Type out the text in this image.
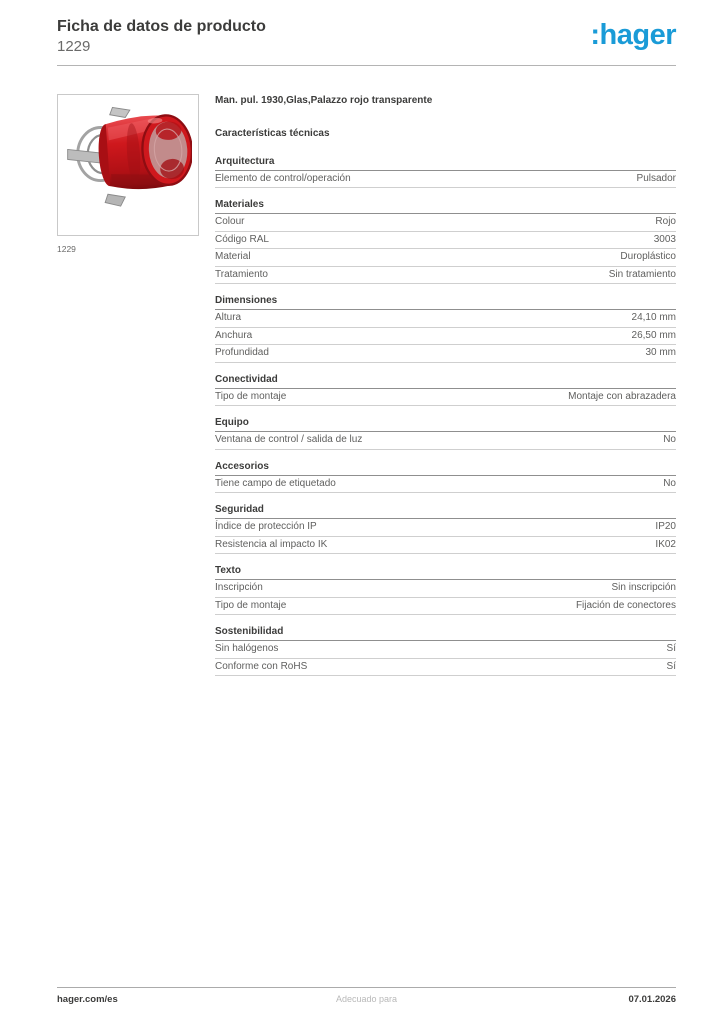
Ficha de datos de producto
1229	:hager
1229
Man. pul. 1930,Glas,Palazzo rojo transparente
Características técnicas
Arquitectura
Elemento de control/operación	Pulsador
Materiales
Colour	Rojo
Código RAL	3003
Material	Duroplástico
Tratamiento	Sin tratamiento
Dimensiones
Altura	24,10 mm
Anchura	26,50 mm
Profundidad	30 mm
Conectividad
Tipo de montaje	Montaje con abrazadera
Equipo
Ventana de control / salida de luz	No
Accesorios
Tiene campo de etiquetado	No
Seguridad
Índice de protección IP	IP20
Resistencia al impacto IK	IK02
Texto
Inscripción	Sin inscripción
Tipo de montaje	Fijación de conectores
Sostenibilidad
Sin halógenos	Sí
Conforme con RoHS	Sí
hager.com/es	Adecuado para	07.01.2026
